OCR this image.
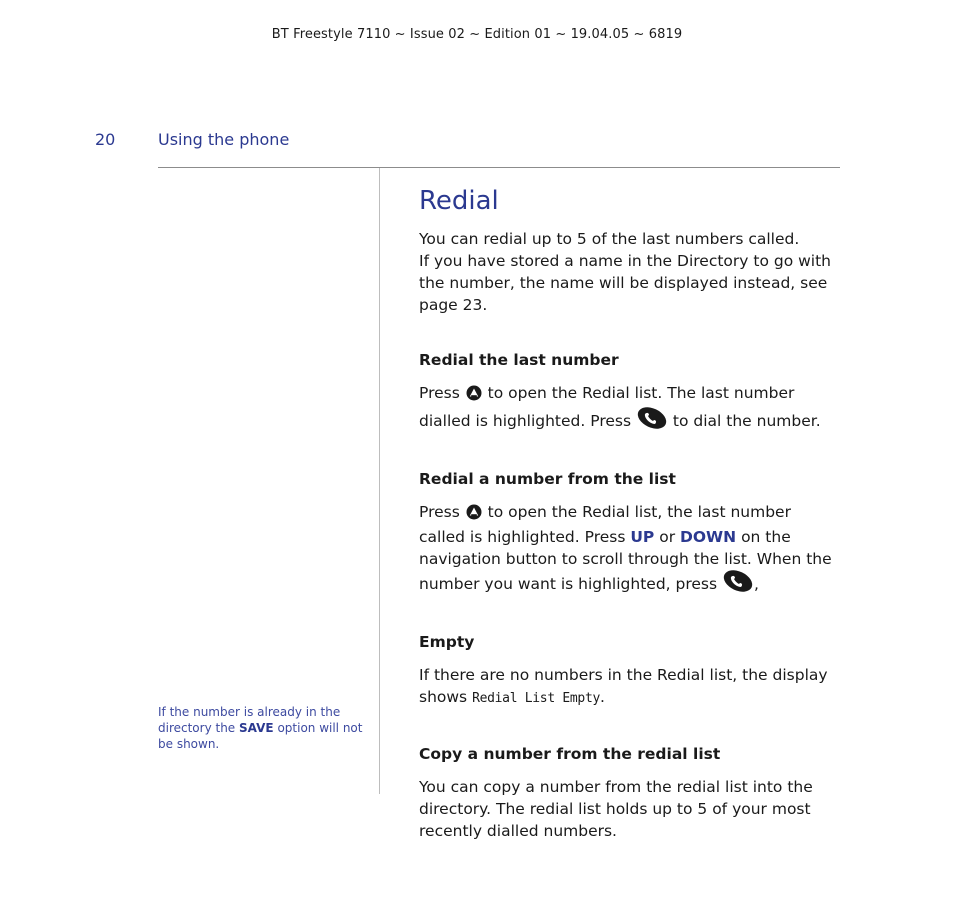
BT Freestyle 7110 ~ Issue 02 ~ Edition 01 ~ 19.04.05 ~ 6819
20	Using the phone
If the number is already in the directory the SAVE option will not be shown.
Redial

You can redial up to 5 of the last numbers called.

If you have stored a name in the Directory to go with the number, the name will be displayed instead, see page 23.

Redial the last number

Press  to open the Redial list. The last number dialled is highlighted. Press  to dial the number.

Redial a number from the list

Press  to open the Redial list, the last number called is highlighted. Press UP or DOWN on the navigation button to scroll through the list. When the number you want is highlighted, press ,

Empty

If there are no numbers in the Redial list, the display shows Redial List Empty.

Copy a number from the redial list

You can copy a number from the redial list into the directory. The redial list holds up to 5 of your most recently dialled numbers.
